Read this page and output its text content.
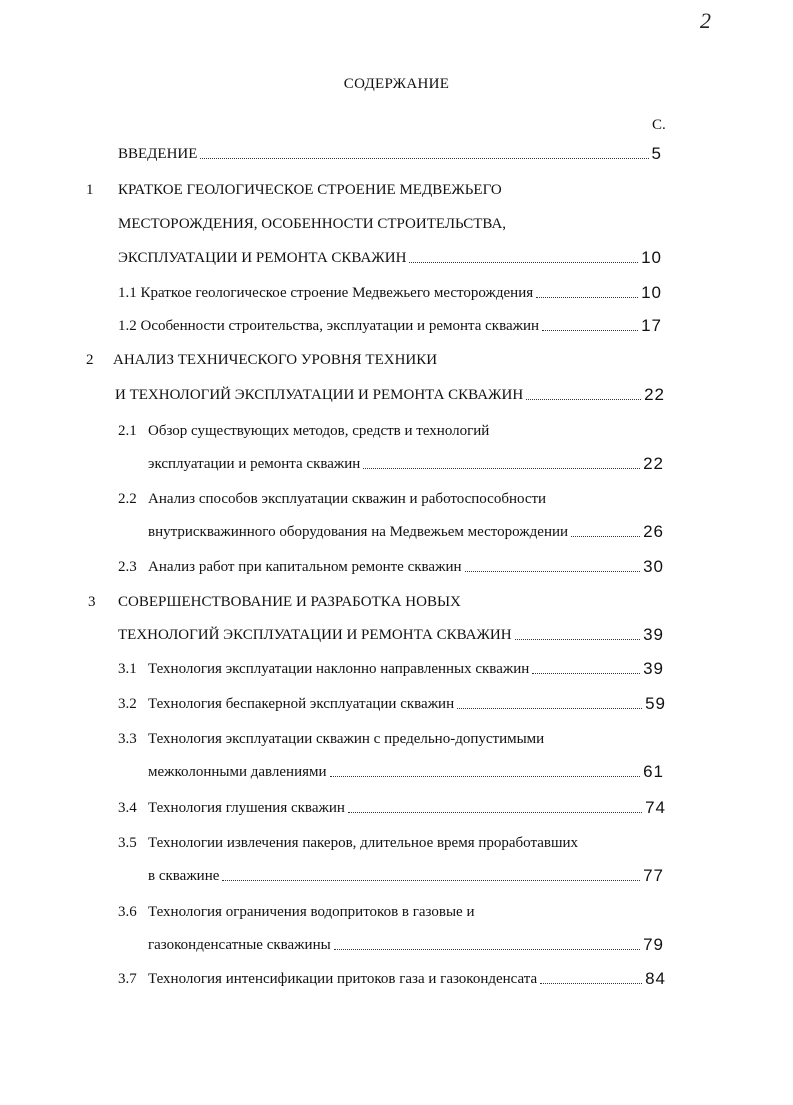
2
СОДЕРЖАНИЕ
С.
ВВЕДЕНИЕ	5
1 КРАТКОЕ ГЕОЛОГИЧЕСКОЕ СТРОЕНИЕ МЕДВЕЖЬЕГО
МЕСТОРОЖДЕНИЯ, ОСОБЕННОСТИ СТРОИТЕЛЬСТВА,
ЭКСПЛУАТАЦИИ И РЕМОНТА СКВАЖИН	10
1.1 Краткое геологическое строение Медвежьего месторождения	10
1.2 Особенности строительства, эксплуатации и ремонта скважин	17
2 АНАЛИЗ ТЕХНИЧЕСКОГО УРОВНЯ ТЕХНИКИ
И ТЕХНОЛОГИЙ ЭКСПЛУАТАЦИИ И РЕМОНТА СКВАЖИН	22
2.1 Обзор существующих методов, средств и технологий
эксплуатации и ремонта скважин	22
2.2 Анализ способов эксплуатации скважин и работоспособности
внутрискважинного оборудования на Медвежьем месторождении	26
2.3 Анализ работ при капитальном ремонте скважин	30
3 СОВЕРШЕНСТВОВАНИЕ И РАЗРАБОТКА НОВЫХ
ТЕХНОЛОГИЙ ЭКСПЛУАТАЦИИ И РЕМОНТА СКВАЖИН	39
3.1 Технология эксплуатации наклонно направленных скважин	39
3.2 Технология беспакерной эксплуатации скважин	59
3.3 Технология эксплуатации скважин с предельно-допустимыми
межколонными давлениями	61
3.4 Технология глушения скважин	74
3.5 Технологии извлечения пакеров, длительное время проработавших
в скважине	77
3.6 Технология ограничения водопритоков в газовые и
газоконденсатные скважины	79
3.7 Технология интенсификации притоков газа и газоконденсата	84
